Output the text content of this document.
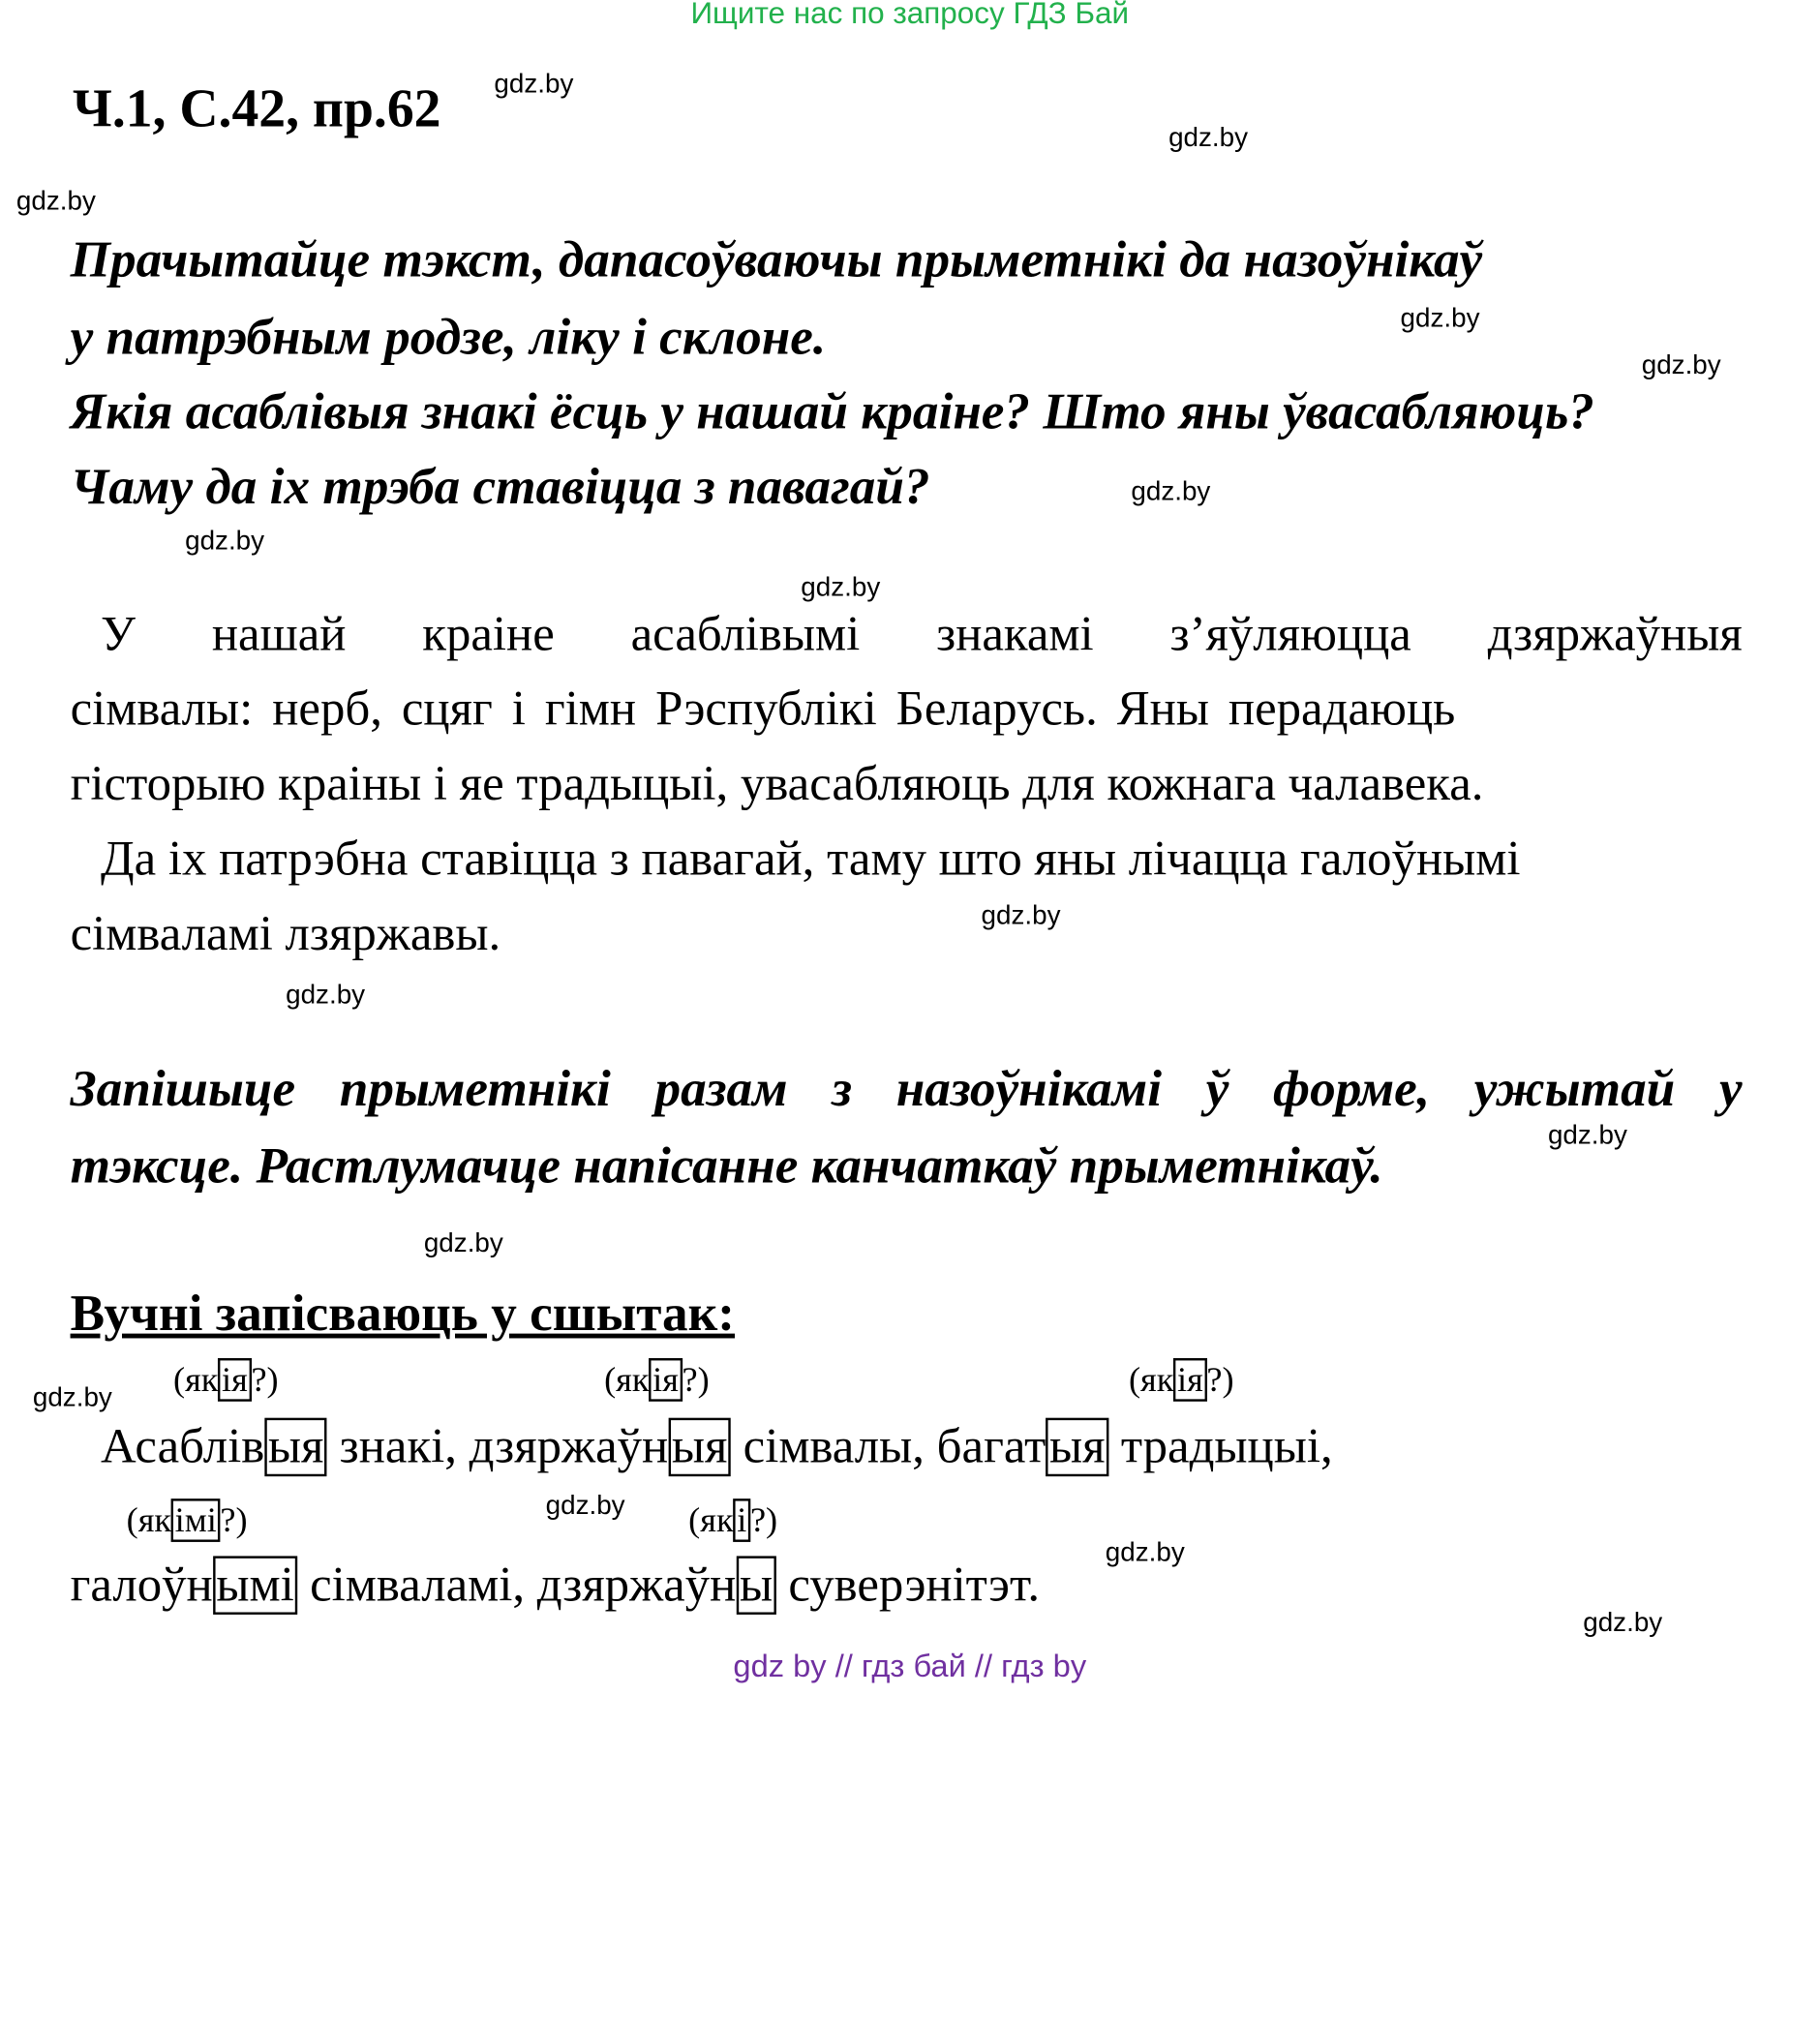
Ищите нас по запросу ГДЗ Бай
Ч.1, С.42, пр.62
Прачытайце тэкст, дапасоўваючы прыметнікі да назоўнікаў
у патрэбным родзе, ліку і склоне.
Якія асаблівыя знакі ёсць у нашай краіне? Што яны ўвасабляюць?
Чаму да іх трэба ставіцца з павагай?
У нашай краіне асаблівымі знакамі з’яўляюцца дзяржаўныя
сімвалы: нерб, сцяг і гімн Рэспублікі Беларусь. Яны перадаюць
гісторыю краіны і яе традыцыі, увасабляюць для кожнага чалавека.
Да іх патрэбна ставіцца з павагай, таму што яны лічацца галоўнымі
сімваламі лзяржавы.
Запішыце прыметнікі разам з назоўнікамі ў форме, ужытай у
тэксце. Растлумачце напісанне канчаткаў прыметнікаў.
Вучні запісваюць у сшытак:
(як ія ?)	(як ія ?)	(як ія ?)
(як імі ?)	(як і ?)
Асаблівыя знакі, дзяржаўныя сімвалы, багатыя традыцыі,
галоўнымі сімваламі, дзяржаўны суверэнітэт.
gdz.by
gdz.by
gdz.by
gdz.by
gdz.by
gdz.by
gdz.by
gdz.by
gdz.by
gdz.by
gdz.by
gdz.by
gdz.by
gdz.by
gdz.by
gdz.by
gdz by // гдз бай // гдз by
